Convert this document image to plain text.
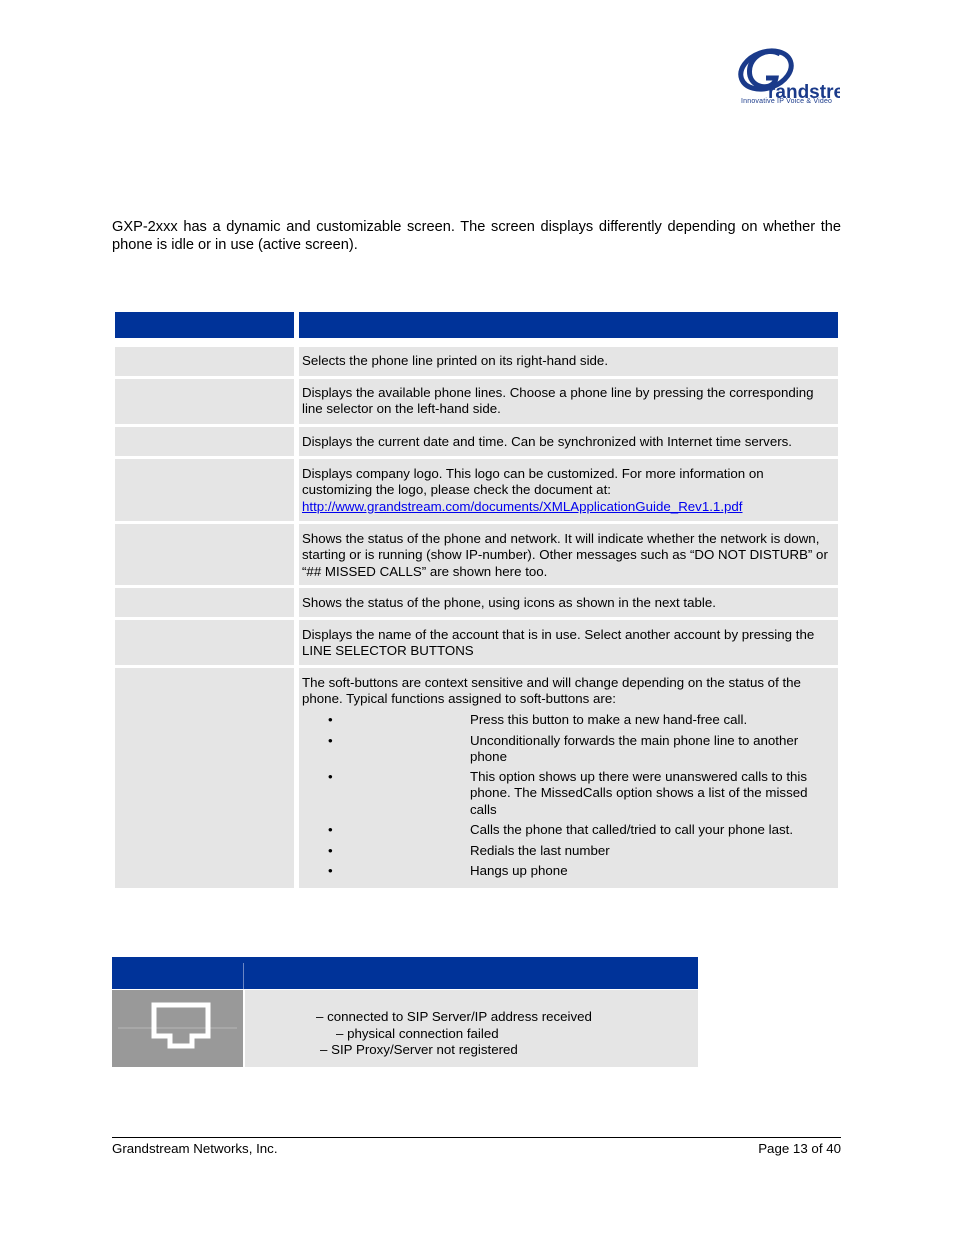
randstre
Innovative IP Voice & Video
GXP-2xxx has a dynamic and customizable screen. The screen displays differently depending on whether the phone is idle or in use (active screen).
Selects the phone line printed on its right-hand side.
Displays the available phone lines. Choose a phone line by pressing the corresponding line selector on the left-hand side.
Displays the current date and time. Can be synchronized with Internet time servers.
Displays company logo. This logo can be customized. For more information on customizing the logo, please check the document at:
http://www.grandstream.com/documents/XMLApplicationGuide_Rev1.1.pdf
Shows the status of the phone and network. It will indicate whether the network is down, starting or is running (show IP-number). Other messages such as “DO NOT DISTURB” or “## MISSED CALLS” are shown here too.
Shows the status of the phone, using icons as shown in the next table.
Displays the name of the account that is in use. Select another account by pressing the LINE SELECTOR BUTTONS
The soft-buttons are context sensitive and will change depending on the status of the phone. Typical functions assigned to soft-buttons are:
•	Press this button to make a new hand-free call.
•	Unconditionally forwards the main phone line to another phone
•	This option shows up there were unanswered calls to this phone. The MissedCalls option shows a list of the missed calls
•	Calls the phone that called/tried to call your phone last.
•	Redials the last number
•	Hangs up phone
– connected to SIP Server/IP address received
– physical connection failed
– SIP Proxy/Server not registered
Grandstream Networks, Inc.	Page 13 of 40
